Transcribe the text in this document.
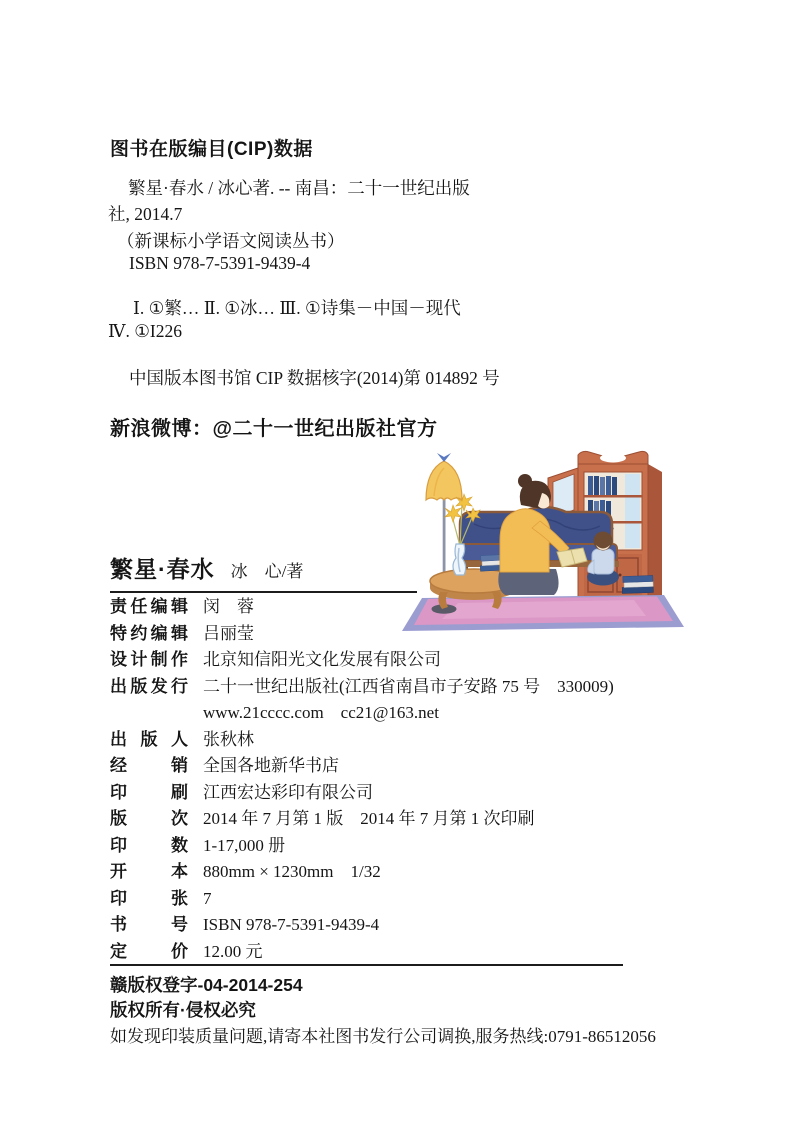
图书在版编目(CIP)数据
繁星·春水 / 冰心著. -- 南昌：二十一世纪出版
社, 2014.7
（新课标小学语文阅读丛书）
ISBN 978-7-5391-9439-4
Ⅰ. ①繁… Ⅱ. ①冰… Ⅲ. ①诗集－中国－现代
Ⅳ. ①I226
中国版本图书馆 CIP 数据核字(2014)第 014892 号
新浪微博：@二十一世纪出版社官方
繁星·春水 冰　心/著
责任编辑 闵　蓉
特约编辑 吕丽莹
设计制作 北京知信阳光文化发展有限公司
出版发行 二十一世纪出版社(江西省南昌市子安路 75 号　330009)
www.21cccc.com　cc21@163.net
出版人 张秋林
经销 全国各地新华书店
印刷 江西宏达彩印有限公司
版次 2014 年 7 月第 1 版　2014 年 7 月第 1 次印刷
印数 1-17,000 册
开本 880mm × 1230mm　1/32
印张 7
书号 ISBN 978-7-5391-9439-4
定价 12.00 元
赣版权登字-04-2014-254
版权所有·侵权必究
如发现印装质量问题,请寄本社图书发行公司调换,服务热线:0791-86512056
